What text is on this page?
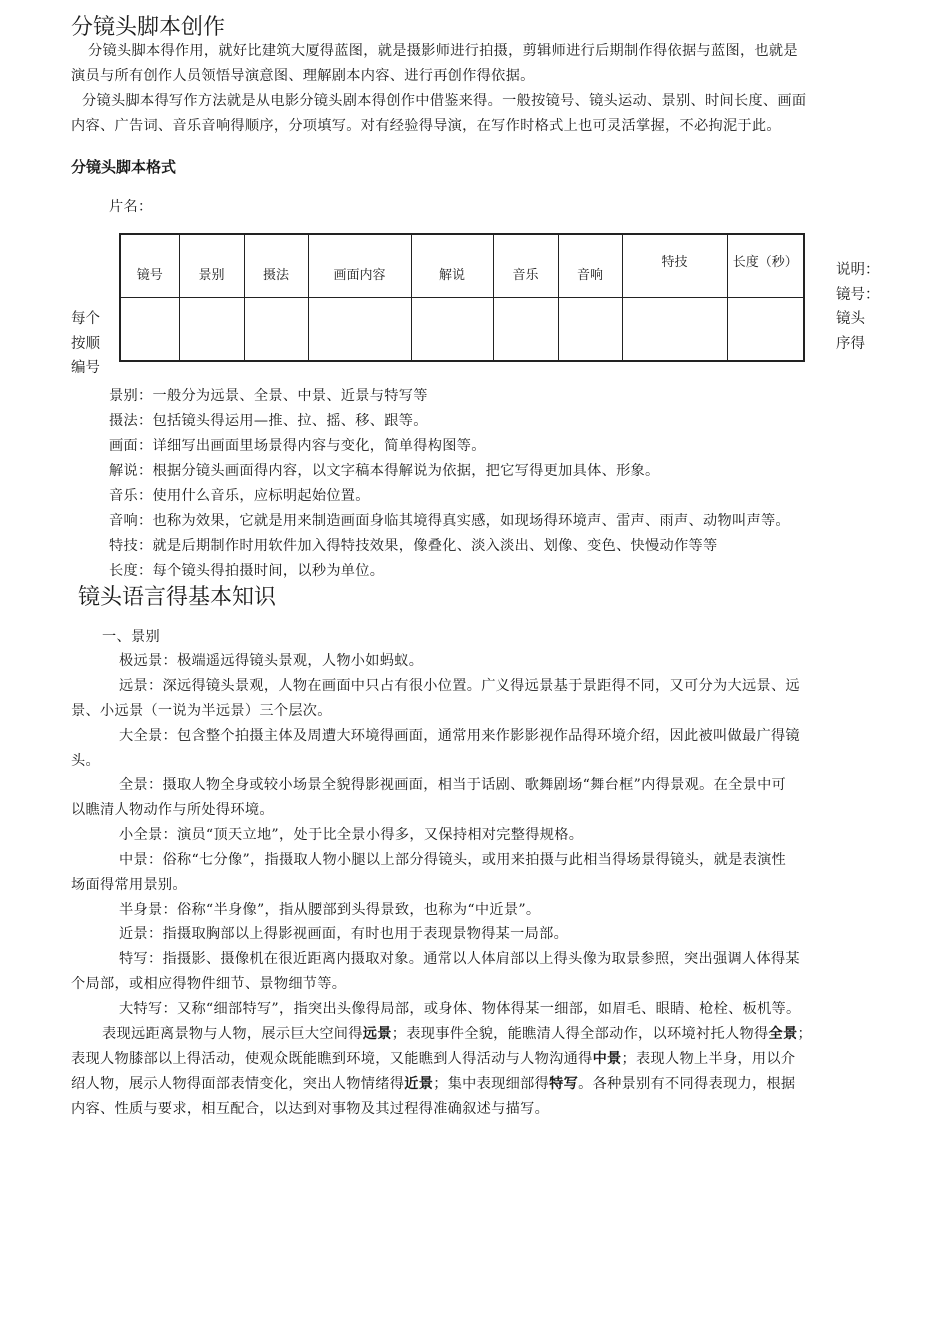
分镜头脚本创作
分镜头脚本得作用，就好比建筑大厦得蓝图，就是摄影师进行拍摄，剪辑师进行后期制作得依据与蓝图，也就是
演员与所有创作人员领悟导演意图、理解剧本内容、进行再创作得依据。
分镜头脚本得写作方法就是从电影分镜头剧本得创作中借鉴来得。一般按镜号、镜头运动、景别、时间长度、画面
内容、广告词、音乐音响得顺序，分项填写。对有经验得导演，在写作时格式上也可灵活掌握，不必拘泥于此。
分镜头脚本格式
片名：
镜号	景别	摄法	画面内容	解说	音乐	音响	特技	长度（秒）

每个
按顺
编号
说明：
镜号：
镜头
序得
景别：一般分为远景、全景、中景、近景与特写等
摄法：包括镜头得运用—推、拉、摇、移、跟等。
画面：详细写出画面里场景得内容与变化，简单得构图等。
解说：根据分镜头画面得内容，以文字稿本得解说为依据，把它写得更加具体、形象。
音乐：使用什么音乐，应标明起始位置。
音响：也称为效果，它就是用来制造画面身临其境得真实感，如现场得环境声、雷声、雨声、动物叫声等。
特技：就是后期制作时用软件加入得特技效果，像叠化、淡入淡出、划像、变色、快慢动作等等
长度：每个镜头得拍摄时间，以秒为单位。
镜头语言得基本知识
一、景别
极远景：极端遥远得镜头景观，人物小如蚂蚁。
远景：深远得镜头景观，人物在画面中只占有很小位置。广义得远景基于景距得不同，又可分为大远景、远
景、小远景（一说为半远景）三个层次。
大全景：包含整个拍摄主体及周遭大环境得画面，通常用来作影影视作品得环境介绍，因此被叫做最广得镜
头。
全景：摄取人物全身或较小场景全貌得影视画面，相当于话剧、歌舞剧场“舞台框”内得景观。在全景中可
以瞧清人物动作与所处得环境。
小全景：演员“顶天立地”，处于比全景小得多，又保持相对完整得规格。
中景：俗称“七分像”，指摄取人物小腿以上部分得镜头，或用来拍摄与此相当得场景得镜头，就是表演性
场面得常用景别。
半身景：俗称“半身像”，指从腰部到头得景致，也称为“中近景”。
近景：指摄取胸部以上得影视画面，有时也用于表现景物得某一局部。
特写：指摄影、摄像机在很近距离内摄取对象。通常以人体肩部以上得头像为取景参照，突出强调人体得某
个局部，或相应得物件细节、景物细节等。
大特写：又称“细部特写”，指突出头像得局部，或身体、物体得某一细部，如眉毛、眼睛、枪栓、板机等。
表现远距离景物与人物，展示巨大空间得远景；表现事件全貌，能瞧清人得全部动作，以环境衬托人物得全景；
表现人物膝部以上得活动，使观众既能瞧到环境，又能瞧到人得活动与人物沟通得中景；表现人物上半身，用以介
绍人物，展示人物得面部表情变化，突出人物情绪得近景；集中表现细部得特写。各种景别有不同得表现力，根据
内容、性质与要求，相互配合，以达到对事物及其过程得准确叙述与描写。
